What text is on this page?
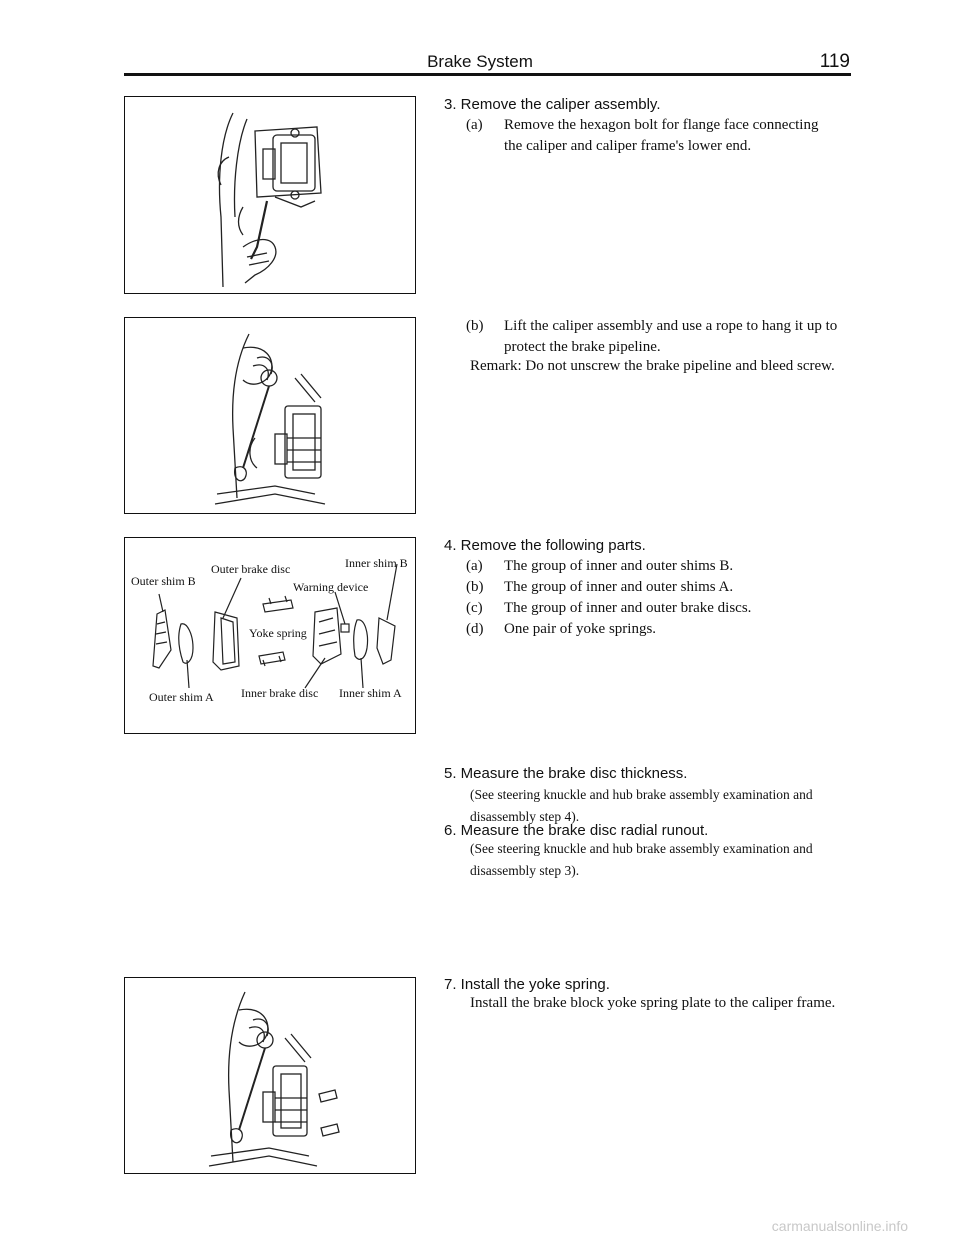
Brake System	119
3. Remove the caliper assembly.
(a) Remove the hexagon bolt for flange face connecting
the caliper and caliper frame's lower end.
(b) Lift the caliper assembly and use a rope to hang it up to
protect the brake pipeline.
Remark: Do not unscrew the brake pipeline and bleed screw.
Outer shim B
Outer brake disc	Inner shim B
Warning device
Yoke spring
Outer shim A Inner brake disc Inner shim A
4. Remove the following parts.
(a) The group of inner and outer shims B.
(b) The group of inner and outer shims A.
(c) The group of inner and outer brake discs.
(d) One pair of yoke springs.
5. Measure the brake disc thickness.
(See steering knuckle and hub brake assembly examination and
disassembly step 4).
6. Measure the brake disc radial runout.
(See steering knuckle and hub brake assembly examination and
disassembly step 3).
7. Install the yoke spring.
Install the brake block yoke spring plate to the caliper frame.
carmanualsonline.info
